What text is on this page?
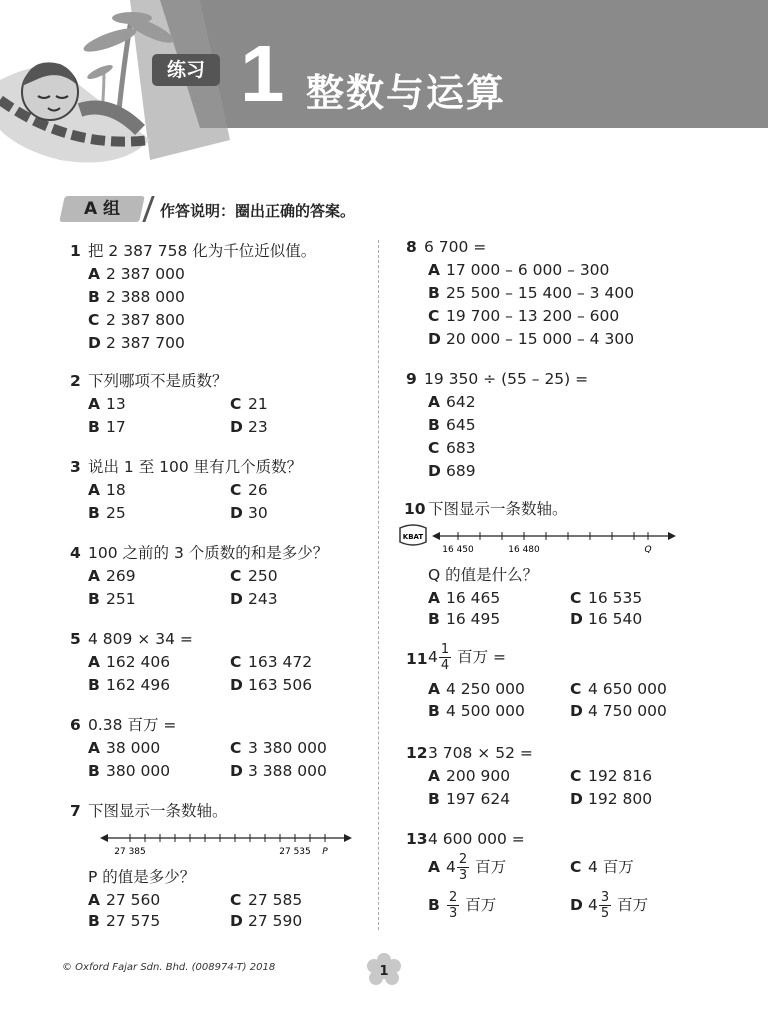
练习 1 整数与运算
A 组	作答说明：圈出正确的答案。
1 把 2 387 758 化为千位近似值。
A 2 387 000
B 2 388 000
C 2 387 800
D 2 387 700
2 下列哪项不是质数？
A 13
B 17
C 21
D 23
3 说出 1 至 100 里有几个质数？
A 18
B 25
C 26
D 30
4 100 之前的 3 个质数的和是多少？
A 269
B 251
C 250
D 243
5 4 809 × 34 =
A 162 406
B 162 496
C 163 472
D 163 506
6 0.38 百万 =
A 38 000
B 380 000
C 3 380 000
D 3 388 000
7 下图显示一条数轴。
27 385	27 535 P
P 的值是多少？
A 27 560
B 27 575
C 27 585
D 27 590
8 6 700 =
A 17 000 – 6 000 – 300
B 25 500 – 15 400 – 3 400
C 19 700 – 13 200 – 600
D 20 000 – 15 000 – 4 300
9 19 350 ÷ (55 – 25) =
A 642
B 645
C 683
D 689
10 下图显示一条数轴。
KBAT
16 450	16 480	Q
Q 的值是什么？
A 16 465
B 16 495
C 16 535
D 16 540
11 $4 \frac{1}{4}$ 百万 =
A 4 250 000
B 4 500 000
C 4 650 000
D 4 750 000
12 3 708 × 52 =
A 200 900
B 197 624
C 192 816
D 192 800
13 4 600 000 =
A $4 \frac{2}{3}$ 百万	C 4 百万
B $\frac{2}{3}$ 百万	D $4 \frac{3}{5}$ 百万
© Oxford Fajar Sdn. Bhd. (008974-T) 2018	1
